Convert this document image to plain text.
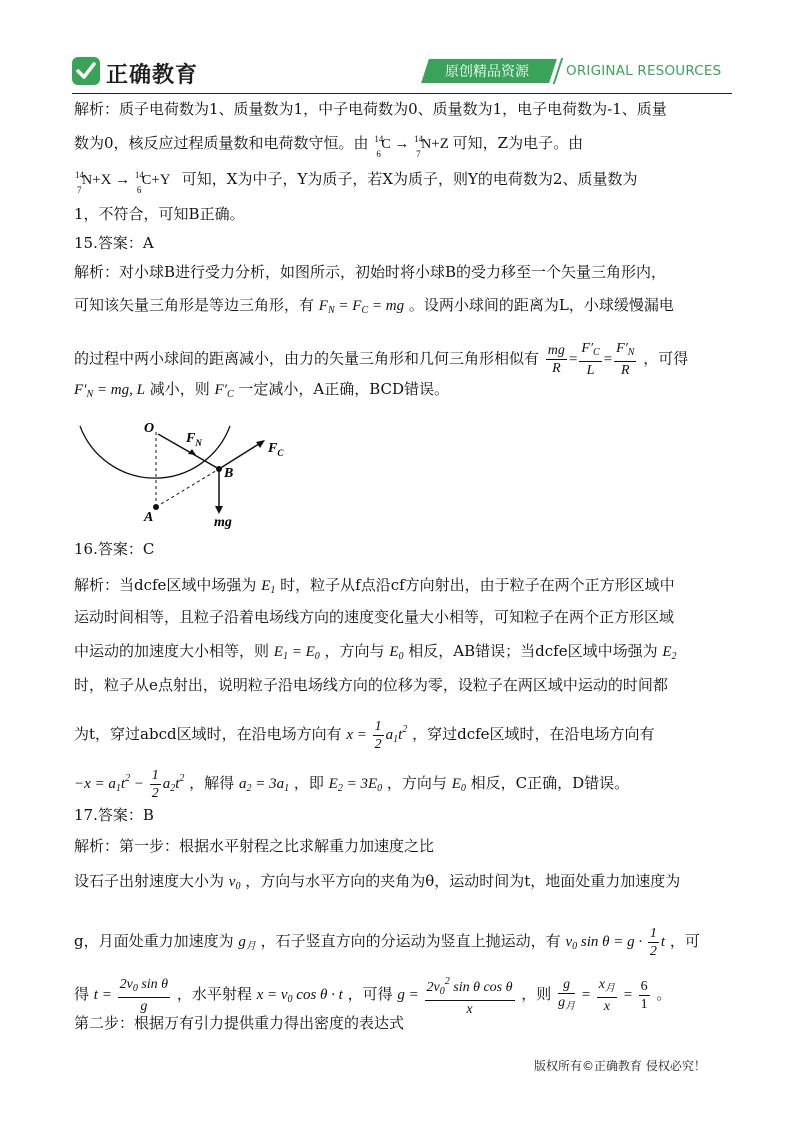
正确教育	原创精品资源	ORIGINAL RESOURCES
解析：质子电荷数为1、质量数为1，中子电荷数为0、质量数为1，电子电荷数为-1、质量
数为0，核反应过程质量数和电荷数守恒。由 14
6
C → 14
7
N+Z 可知，Z为电子。由
14
7
N+X → 14
6
C+Y 可知，X为中子，Y为质子，若X为质子，则Y的电荷数为2、质量数为
1，不符合，可知B正确。
15.答案：A
解析：对小球B进行受力分析，如图所示，初始时将小球B的受力移至一个矢量三角形内，
可知该矢量三角形是等边三角形，有 $F_N = F_C$ = mg 。设两小球间的距离为L，小球缓慢漏电
的过程中两小球间的距离减小，由力的矢量三角形和几何三角形相似有 $\frac{mg}{R} = \frac{F'_C}{L} = \frac{F'_N}{R}$ ，可得
$F'_N$ = mg, L 减小，则 $F'_C$ 一定减小，A正确，BCD错误。
16.答案：C
解析：当dcfe区域中场强为 $E_1$ 时，粒子从f点沿cf方向射出，由于粒子在两个正方形区域中
运动时间相等，且粒子沿着电场线方向的速度变化量大小相等，可知粒子在两个正方形区域
中运动的加速度大小相等，则 $E_1 = E_0$ ，方向与 $E_0$ 相反，AB错误；当dcfe区域中场强为 $E_2$
时，粒子从e点射出，说明粒子沿电场线方向的位移为零，设粒子在两区域中运动的时间都
为t，穿过abcd区域时，在沿电场方向有 $x = \frac{1}{2} a_1t^2$ ，穿过dcfe区域时，在沿电场方向有
$-x = a_1t^2 - \frac{1}{2} a_2t^2$ ，解得 $a_2 = 3a_1$ ，即 $E_2 = 3E_0$ ，方向与 $E_0$ 相反，C正确，D错误。
17.答案：B
解析：第一步：根据水平射程之比求解重力加速度之比
设石子出射速度大小为 $v_0$ ，方向与水平方向的夹角为θ，运动时间为t，地面处重力加速度为
g，月面处重力加速度为 $g_月$ ，石子竖直方向的分运动为竖直上抛运动，有 $v_0$ $\sin \theta = g \cdot \frac{1}{2}$ t ，可
得 $t = \frac{2v_0 \sin \theta}{g}$ ，水平射程 $x = v_0$ cos θ · t ，可得 $g = \frac{2v_0^2 \sin \theta \cos \theta}{x}$ ，则 $\frac{g}{g_月} = \frac{x_月}{x} = \frac{6}{1}$ 。
第二步：根据万有引力提供重力得出密度的表达式
O
$F_N$	$F_C$
B
A	mg
版权所有©正确教育 侵权必究！
